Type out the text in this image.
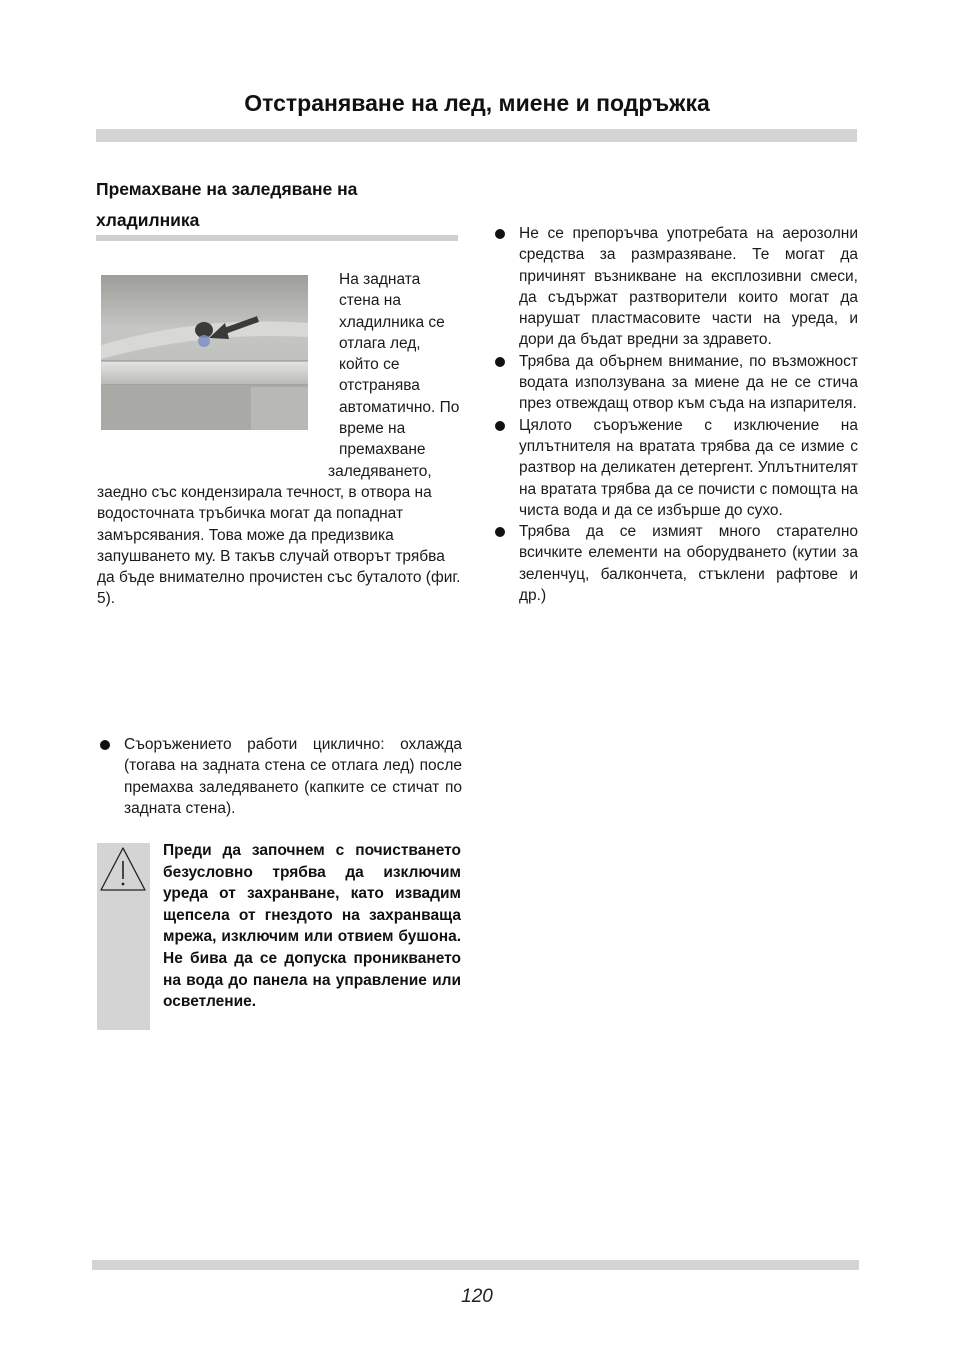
Отстраняване на лед, миене и подръжка
Премахване на заледяване на хладилника
На задната стена на хладилника се отлага лед, който се отстранява автоматично. По време на премахване
заледяването,
заедно със кондензирала течност, в отвора на водосточната тръбичка могат да попаднат замърсявания. Това може да предизвика запушването му. В такъв случай отворът трябва да бъде внимателно прочистен със буталото (фиг. 5).
Съоръжението работи циклично: охлажда (тогава на задната стена се отлага лед) после премахва заледяването (капките се стичат по задната стена).
Преди да започнем с почистването безусловно трябва да изключим уреда от захранване, като извадим щепсела от гнездото на захранваща мрежа, изключим или отвием бушона. Не бива да се допуска проникването на вода до панела на управление или осветление.
Не се препоръчва употребата на аерозолни средства за размразяване. Те могат да причинят възникване на експлозивни смеси, да съдържат разтворители които могат да нарушат пластмасовите части на уреда, и дори да бъдат вредни за здравето.
Трябва да обърнем внимание, по възможност водата използувана за миене да не се стича през отвеждащ отвор към съда на изпарителя.
Цялото съоръжение с изключение на уплътнителя на вратата трябва да се измие с разтвор на деликатен детергент. Уплътнителят на вратата трябва да се почисти с помощта на чиста вода и да се избърше до сухо.
Трябва да се измият много старателно всичките елементи на оборудването (кутии за зеленчуц, балкончета, стъклени рафтове и др.)
120
